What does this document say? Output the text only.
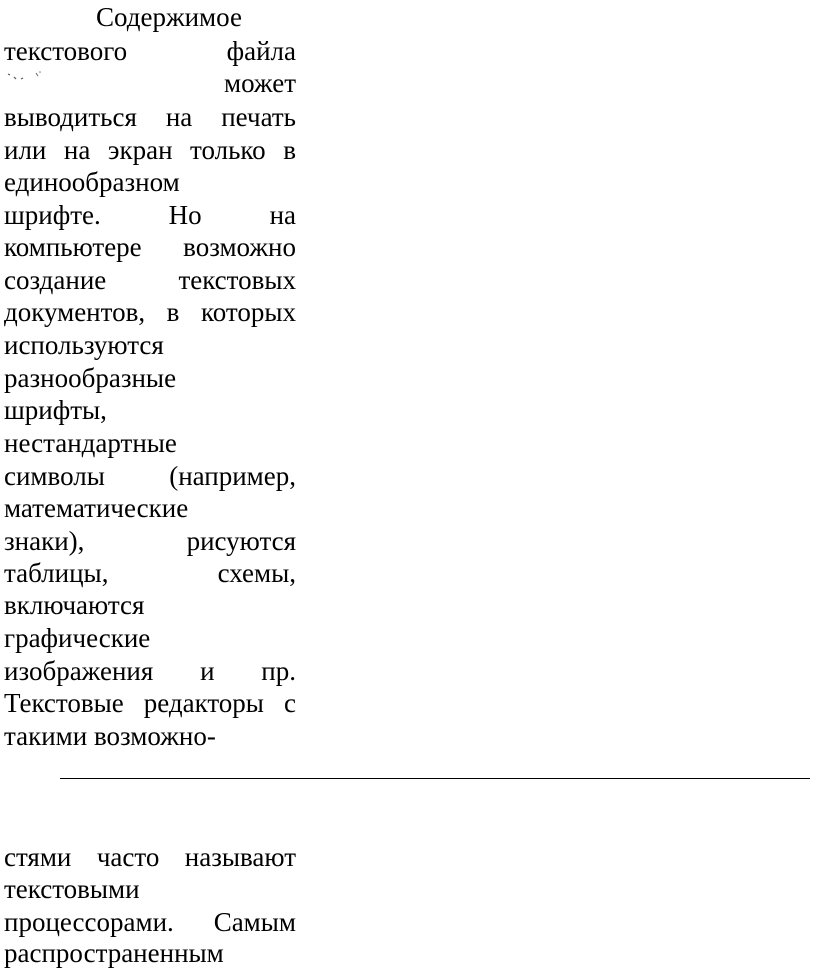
Содержимое
текстового	файла
может
выводиться на печать
или на экран только в
единообразном
шрифте.	Но	на
компьютере возможно
создание	текстовых
документов, в которых
используются
разнообразные
шрифты,
нестандартные
символы (например,
математические
знаки),	рисуются
таблицы,	схемы,
включаются
графические
изображения и пр.
Текстовые редакторы с
такими возможно-
стями часто называют
текстовыми
процессорами. Самым
распространенным
